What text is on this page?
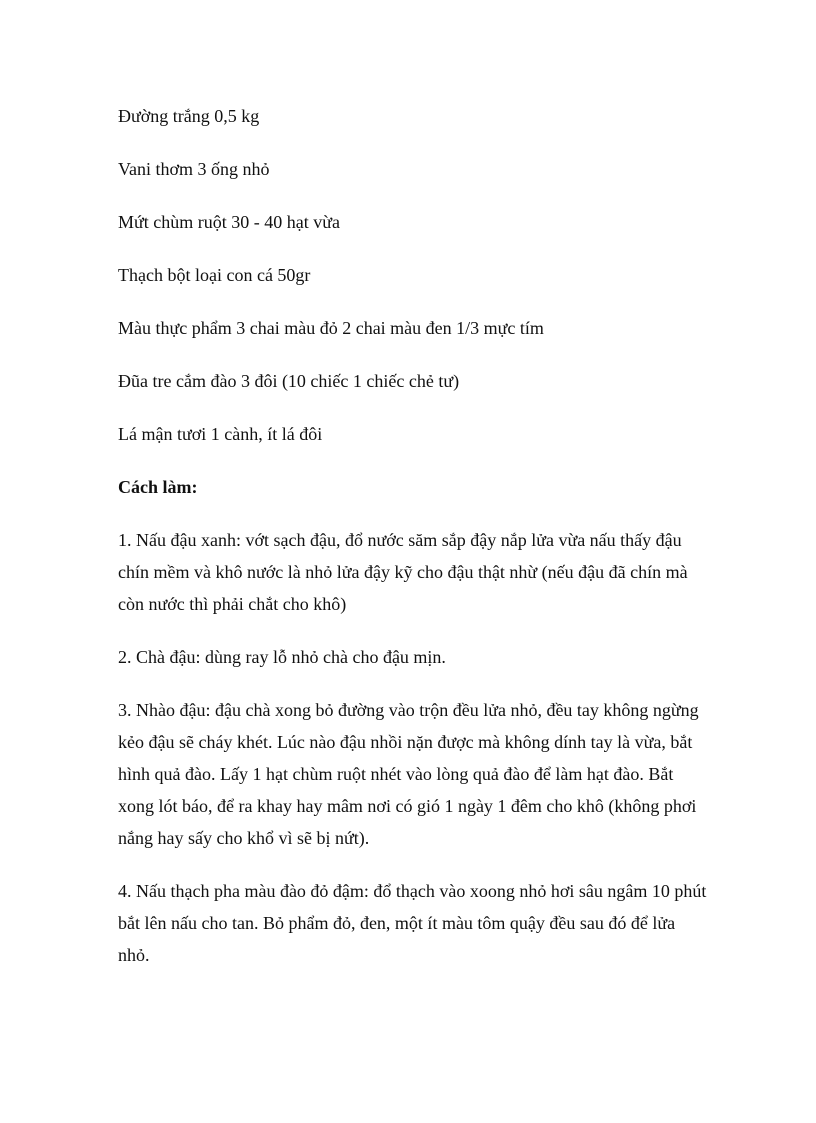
Đường trắng 0,5 kg

Vani thơm 3 ống nhỏ

Mứt chùm ruột 30 - 40 hạt vừa

Thạch bột loại con cá 50gr

Màu thực phẩm 3 chai màu đỏ 2 chai màu đen 1/3 mực tím

Đũa tre cắm đào 3 đôi (10 chiếc 1 chiếc chẻ tư)

Lá mận tươi 1 cành, ít lá đôi

Cách làm:

1. Nấu đậu xanh: vớt sạch đậu, đổ nước săm sắp đậy nắp lửa vừa nấu thấy đậu chín mềm và khô nước là nhỏ lửa đậy kỹ cho đậu thật nhừ (nếu đậu đã chín mà còn nước thì phải chắt cho khô)

2. Chà đậu: dùng ray lỗ nhỏ chà cho đậu mịn.

3. Nhào đậu: đậu chà xong bỏ đường vào trộn đều lửa nhỏ, đều tay không ngừng kẻo đậu sẽ cháy khét. Lúc nào đậu nhồi nặn được mà không dính tay là vừa, bắt hình quả đào. Lấy 1 hạt chùm ruột nhét vào lòng quả đào để làm hạt đào. Bắt xong lót báo, để ra khay hay mâm nơi có gió 1 ngày 1 đêm cho khô (không phơi nắng hay sấy cho khổ vì sẽ bị nứt).

4. Nấu thạch pha màu đào đỏ đậm: đổ thạch vào xoong nhỏ hơi sâu ngâm 10 phút bắt lên nấu cho tan. Bỏ phẩm đỏ, đen, một ít màu tôm quậy đều sau đó để lửa nhỏ.
